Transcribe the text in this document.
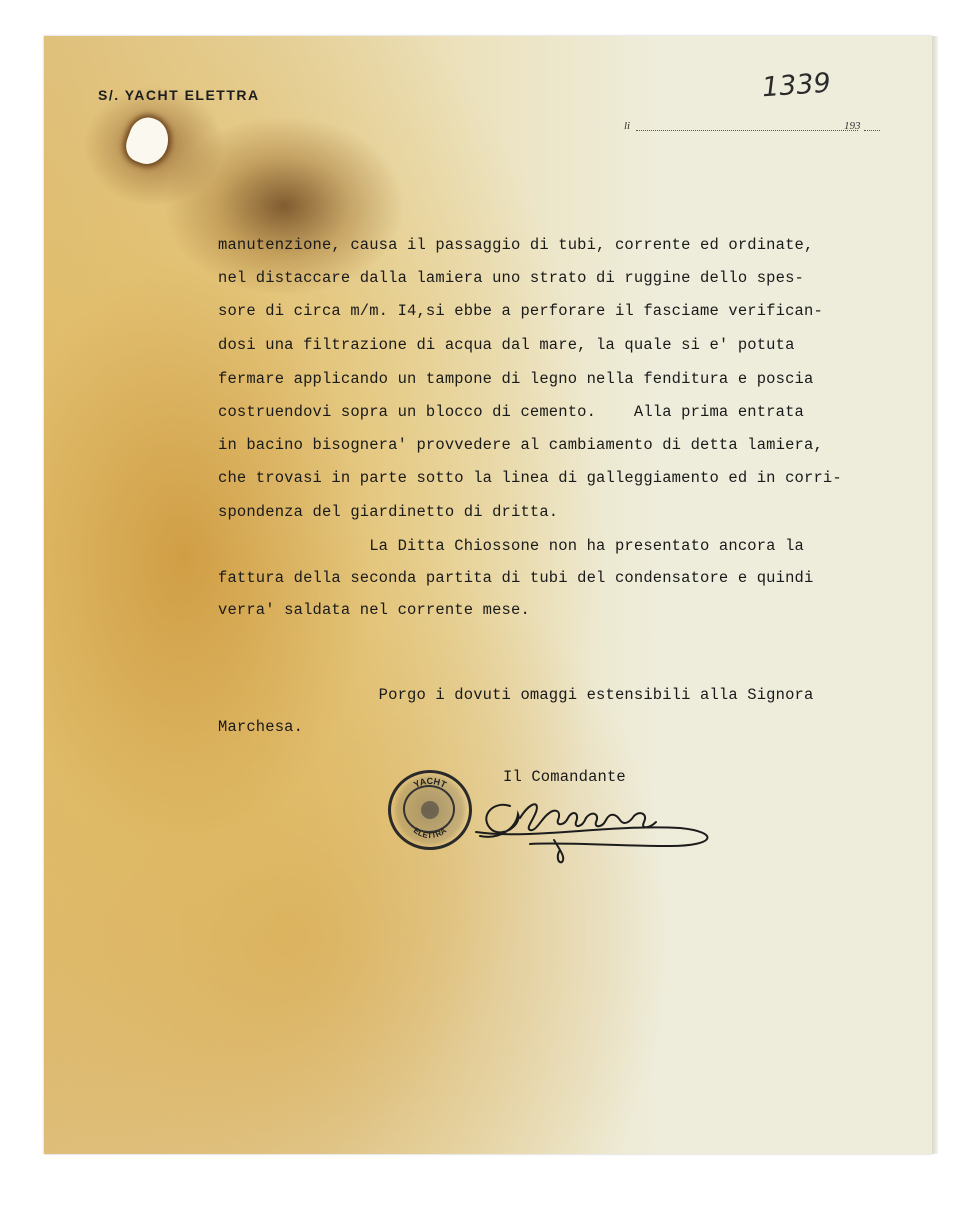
S/. YACHT ELETTRA	1339
li	193
manutenzione, causa il passaggio di tubi, corrente ed ordinate,
nel distaccare dalla lamiera uno strato di ruggine dello spes-
sore di circa m/m. I4,si ebbe a perforare il fasciame verifican-
dosi una filtrazione di acqua dal mare, la quale si e' potuta
fermare applicando un tampone di legno nella fenditura e poscia
costruendovi sopra un blocco di cemento.    Alla prima entrata
in bacino bisognera' provvedere al cambiamento di detta lamiera,
che trovasi in parte sotto la linea di galleggiamento ed in corri-
spondenza del giardinetto di dritta.
La Ditta Chiossone non ha presentato ancora la
fattura della seconda partita di tubi del condensatore e quindi
verra' saldata nel corrente mese.
Porgo i dovuti omaggi estensibili alla Signora
Marchesa.
Il Comandante
YACHT
ELETTRA
